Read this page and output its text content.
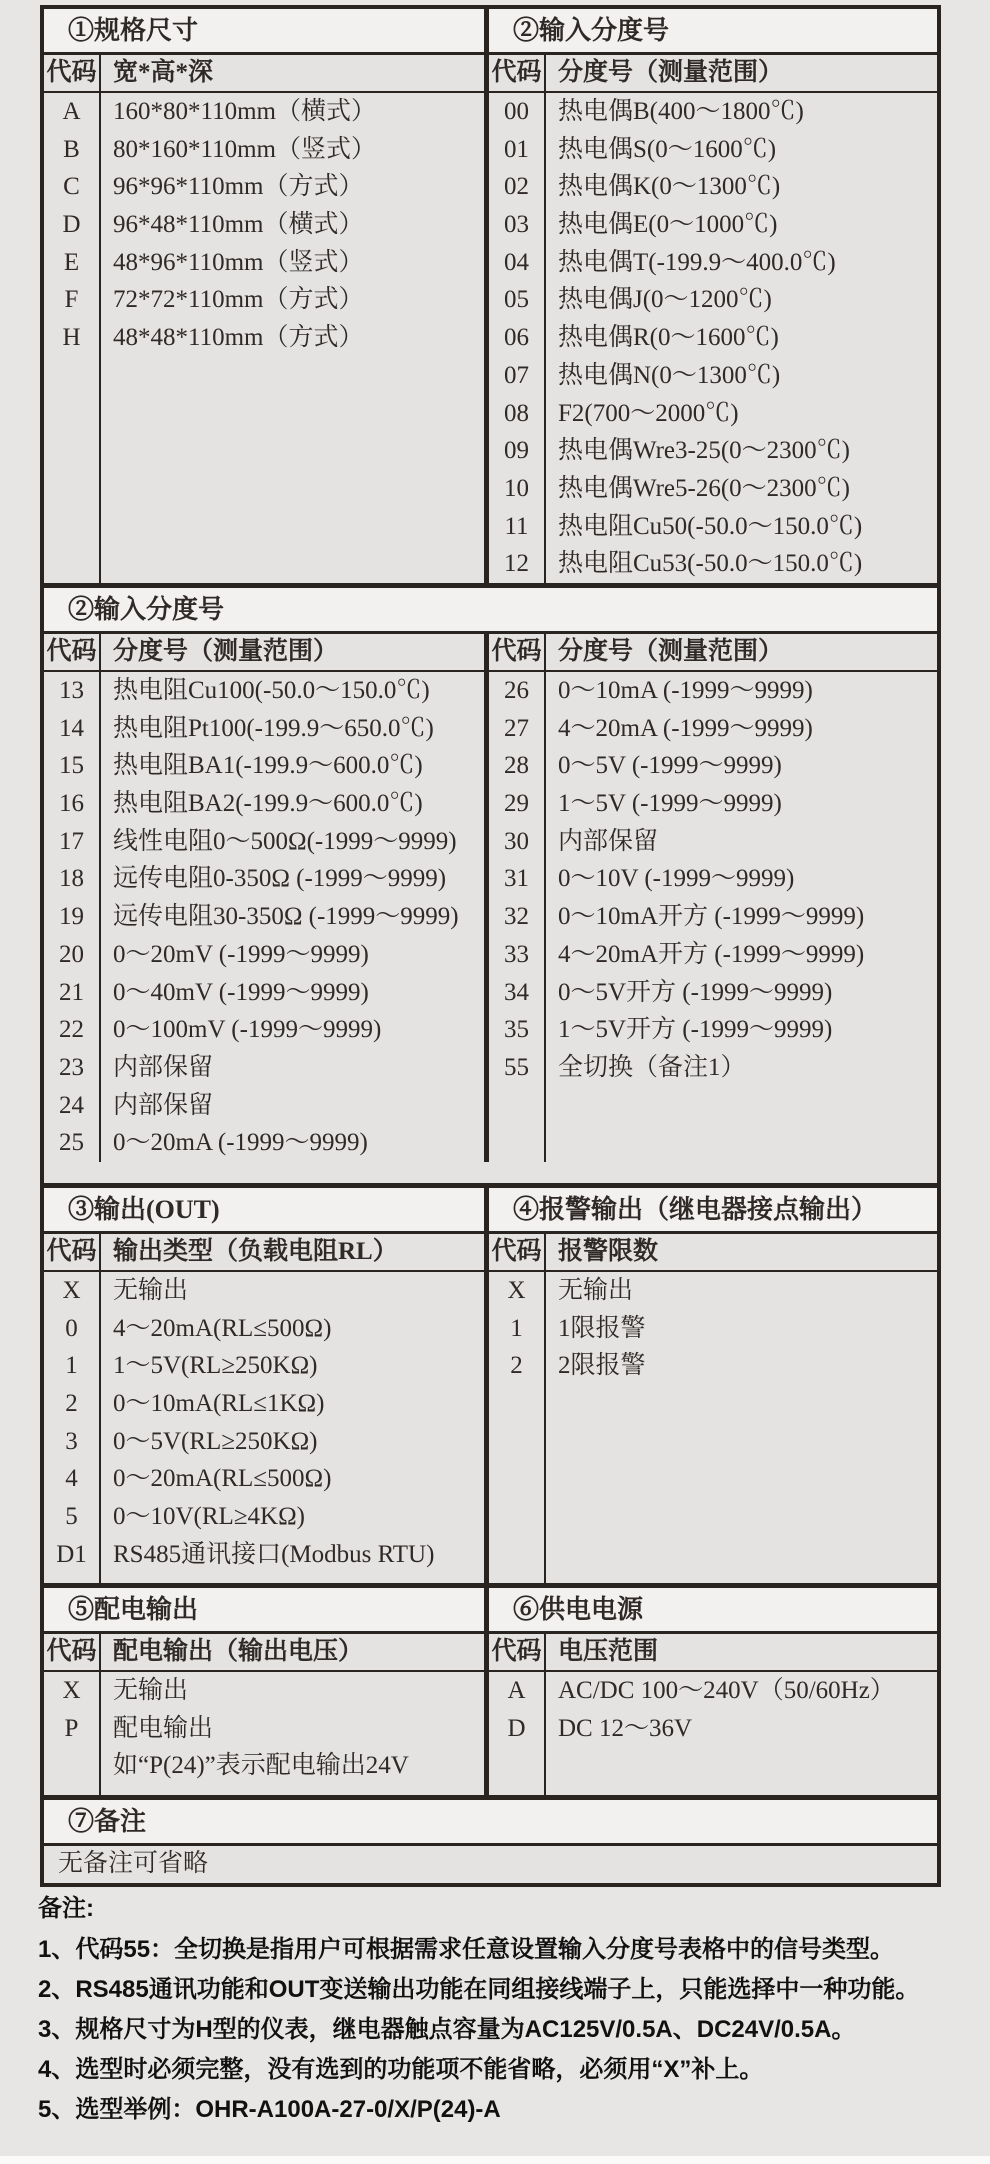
①规格尺寸
代码 宽*高*深
A
B
C
D
E
F
H
160*80*110mm（横式）
80*160*110mm（竖式）
96*96*110mm（方式）
96*48*110mm（横式）
48*96*110mm（竖式）
72*72*110mm（方式）
48*48*110mm（方式）
②输入分度号
代码 分度号（测量范围）
00
01
02
03
04
05
06
07
08
09
10
11
12
热电偶B(400～1800℃)
热电偶S(0～1600℃)
热电偶K(0～1300℃)
热电偶E(0～1000℃)
热电偶T(-199.9～400.0℃)
热电偶J(0～1200℃)
热电偶R(0～1600℃)
热电偶N(0～1300℃)
F2(700～2000℃)
热电偶Wre3-25(0～2300℃)
热电偶Wre5-26(0～2300℃)
热电阻Cu50(-50.0～150.0℃)
热电阻Cu53(-50.0～150.0℃)
②输入分度号
代码 分度号（测量范围）
13
14
15
16
17
18
19
20
21
22
23
24
25
热电阻Cu100(-50.0～150.0℃)
热电阻Pt100(-199.9～650.0℃)
热电阻BA1(-199.9～600.0℃)
热电阻BA2(-199.9～600.0℃)
线性电阻0～500Ω(-1999～9999)
远传电阻0-350Ω (-1999～9999)
远传电阻30-350Ω (-1999～9999)
0～20mV (-1999～9999)
0～40mV (-1999～9999)
0～100mV (-1999～9999)
内部保留
内部保留
0～20mA (-1999～9999)
代码 分度号（测量范围）
26
27
28
29
30
31
32
33
34
35
55
0～10mA (-1999～9999)
4～20mA (-1999～9999)
0～5V (-1999～9999)
1～5V (-1999～9999)
内部保留
0～10V (-1999～9999)
0～10mA开方 (-1999～9999)
4～20mA开方 (-1999～9999)
0～5V开方 (-1999～9999)
1～5V开方 (-1999～9999)
全切换（备注1）
③输出(OUT)
代码 输出类型（负载电阻RL）
X
0
1
2
3
4
5
D1
无输出
4～20mA(RL≤500Ω)
1～5V(RL≥250KΩ)
0～10mA(RL≤1KΩ)
0～5V(RL≥250KΩ)
0～20mA(RL≤500Ω)
0～10V(RL≥4KΩ)
RS485通讯接口(Modbus RTU)
④报警输出（继电器接点输出）
代码 报警限数
X
1
2
无输出
1限报警
2限报警
⑤配电输出
代码 配电输出（输出电压）
X
P
无输出
配电输出
如“P(24)”表示配电输出24V
⑥供电电源
代码 电压范围
A
D
AC/DC 100～240V（50/60Hz）
DC 12～36V
⑦备注
无备注可省略
备注:
1、代码55：全切换是指用户可根据需求任意设置输入分度号表格中的信号类型。
2、RS485通讯功能和OUT变送输出功能在同组接线端子上，只能选择中一种功能。
3、规格尺寸为H型的仪表，继电器触点容量为AC125V/0.5A、DC24V/0.5A。
4、选型时必须完整，没有选到的功能项不能省略，必须用“X”补上。
5、选型举例：OHR-A100A-27-0/X/P(24)-A
